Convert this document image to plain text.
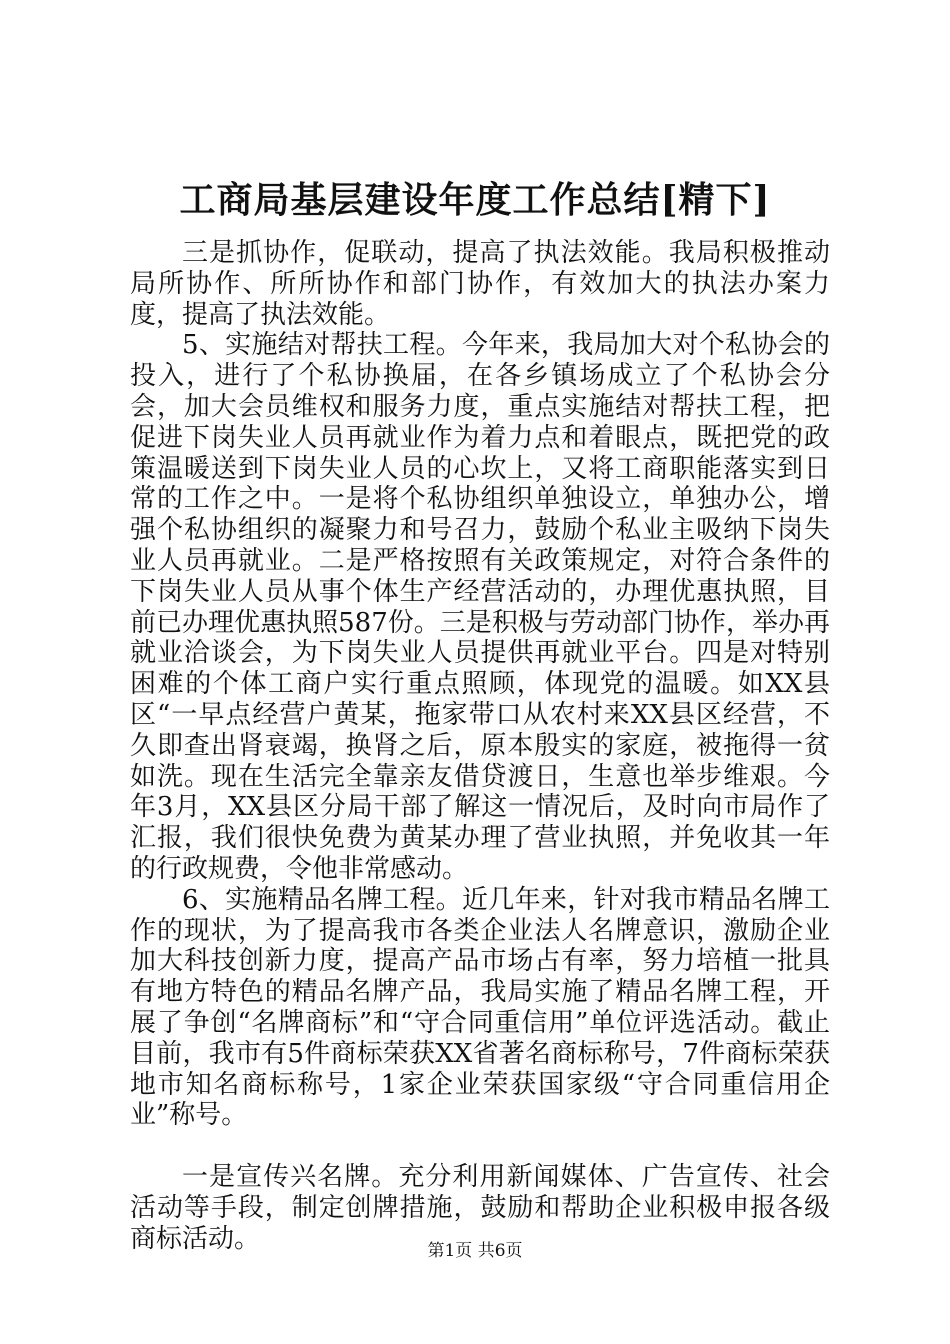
工商局基层建设年度工作总结[精下]

三是抓协作，促联动，提高了执法效能。我局积极推动局所协作、所所协作和部门协作，有效加大的执法办案力度，提高了执法效能。

5、实施结对帮扶工程。今年来，我局加大对个私协会的投入，进行了个私协换届，在各乡镇场成立了个私协会分会，加大会员维权和服务力度，重点实施结对帮扶工程，把促进下岗失业人员再就业作为着力点和着眼点，既把党的政策温暖送到下岗失业人员的心坎上，又将工商职能落实到日常的工作之中。一是将个私协组织单独设立，单独办公，增强个私协组织的凝聚力和号召力，鼓励个私业主吸纳下岗失业人员再就业。二是严格按照有关政策规定，对符合条件的下岗失业人员从事个体生产经营活动的，办理优惠执照，目前已办理优惠执照587份。三是积极与劳动部门协作，举办再就业洽谈会，为下岗失业人员提供再就业平台。四是对特别困难的个体工商户实行重点照顾，体现党的温暖。如XX县区“一早点经营户黄某，拖家带口从农村来XX县区经营，不久即查出肾衰竭，换肾之后，原本殷实的家庭，被拖得一贫如洗。现在生活完全靠亲友借贷渡日，生意也举步维艰。今年3月，XX县区分局干部了解这一情况后，及时向市局作了汇报，我们很快免费为黄某办理了营业执照，并免收其一年的行政规费，令他非常感动。

6、实施精品名牌工程。近几年来，针对我市精品名牌工作的现状，为了提高我市各类企业法人名牌意识，激励企业加大科技创新力度，提高产品市场占有率，努力培植一批具有地方特色的精品名牌产品，我局实施了精品名牌工程，开展了争创“名牌商标”和“守合同重信用”单位评选活动。截止目前，我市有5件商标荣获XX省著名商标称号，7件商标荣获地市知名商标称号，1家企业荣获国家级“守合同重信用企业”称号。

一是宣传兴名牌。充分利用新闻媒体、广告宣传、社会活动等手段，制定创牌措施，鼓励和帮助企业积极申报各级商标活动。	第1页 共6页
